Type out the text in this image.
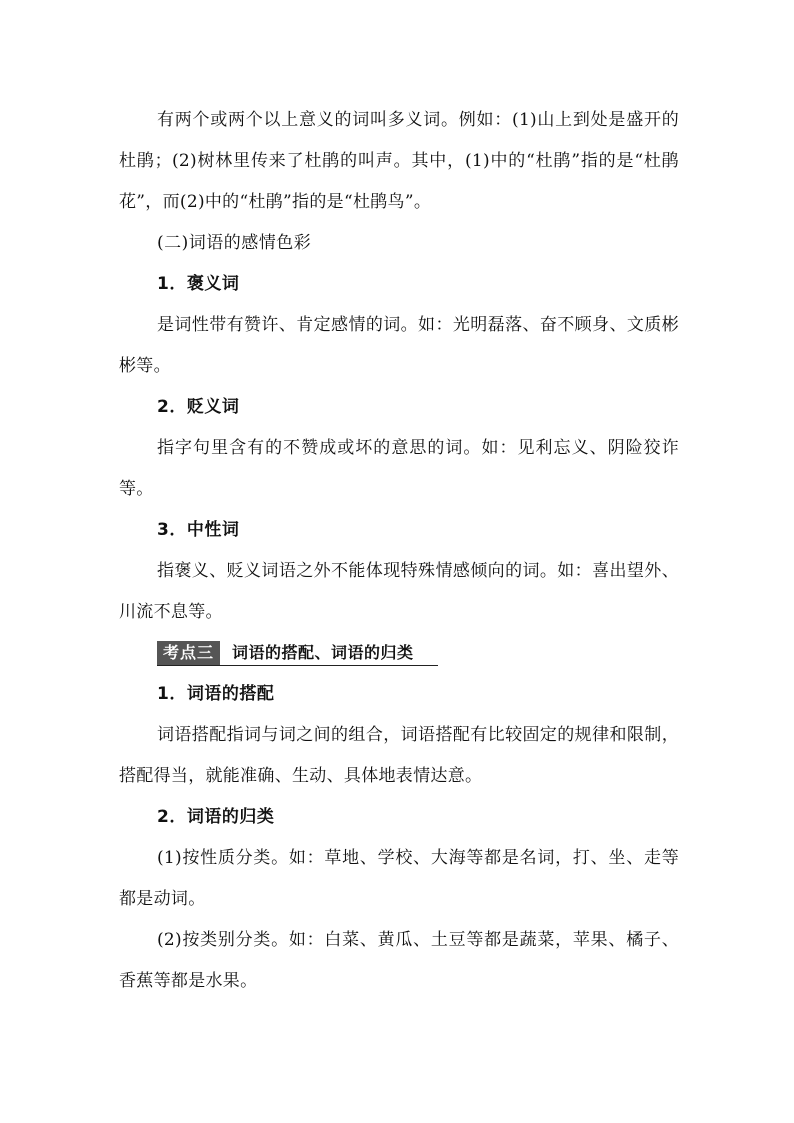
有两个或两个以上意义的词叫多义词。例如：(1)山上到处是盛开的杜鹃；(2)树林里传来了杜鹃的叫声。其中，(1)中的“杜鹃”指的是“杜鹃花”，而(2)中的“杜鹃”指的是“杜鹃鸟”。

(二)词语的感情色彩

1．褒义词

是词性带有赞许、肯定感情的词。如：光明磊落、奋不顾身、文质彬彬等。

2．贬义词

指字句里含有的不赞成或坏的意思的词。如：见利忘义、阴险狡诈等。

3．中性词

指褒义、贬义词语之外不能体现特殊情感倾向的词。如：喜出望外、川流不息等。

考点三	词语的搭配、词语的归类

1．词语的搭配

词语搭配指词与词之间的组合，词语搭配有比较固定的规律和限制，搭配得当，就能准确、生动、具体地表情达意。

2．词语的归类

(1)按性质分类。如：草地、学校、大海等都是名词，打、坐、走等都是动词。

(2)按类别分类。如：白菜、黄瓜、土豆等都是蔬菜，苹果、橘子、香蕉等都是水果。
